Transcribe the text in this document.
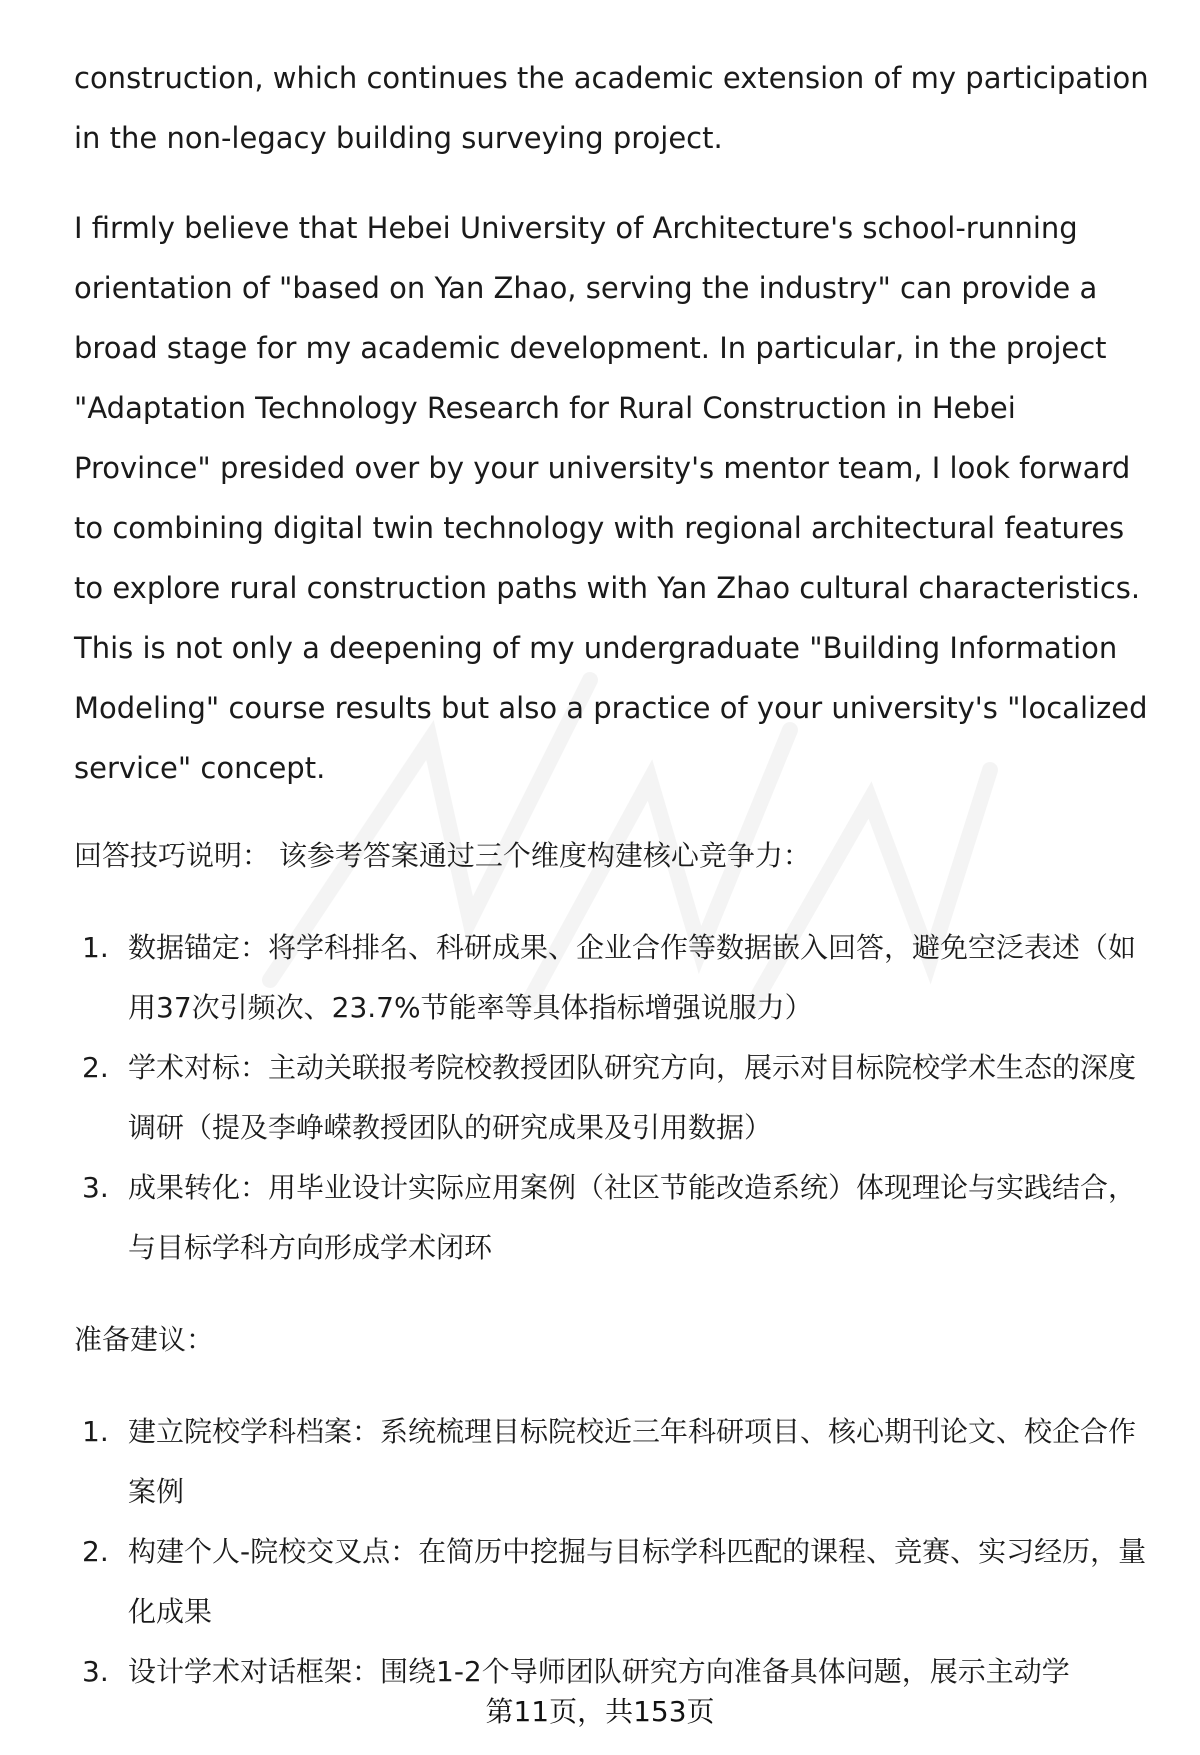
construction, which continues the academic extension of my participation in the non-legacy building surveying project.

I firmly believe that Hebei University of Architecture's school-running orientation of "based on Yan Zhao, serving the industry" can provide a broad stage for my academic development. In particular, in the project "Adaptation Technology Research for Rural Construction in Hebei Province" presided over by your university's mentor team, I look forward to combining digital twin technology with regional architectural features to explore rural construction paths with Yan Zhao cultural characteristics. This is not only a deepening of my undergraduate "Building Information Modeling" course results but also a practice of your university's "localized service" concept.

回答技巧说明： 该参考答案通过三个维度构建核心竞争力：
1. 数据锚定：将学科排名、科研成果、企业合作等数据嵌入回答，避免空泛表述（如用37次引频次、23.7%节能率等具体指标增强说服力）
2. 学术对标：主动关联报考院校教授团队研究方向，展示对目标院校学术生态的深度调研（提及李峥嵘教授团队的研究成果及引用数据）
3. 成果转化：用毕业设计实际应用案例（社区节能改造系统）体现理论与实践结合，与目标学科方向形成学术闭环
准备建议：
1. 建立院校学科档案：系统梳理目标院校近三年科研项目、核心期刊论文、校企合作案例
2. 构建个人-院校交叉点：在简历中挖掘与目标学科匹配的课程、竞赛、实习经历，量化成果
3. 设计学术对话框架：围绕1-2个导师团队研究方向准备具体问题，展示主动学
第11页，共153页
